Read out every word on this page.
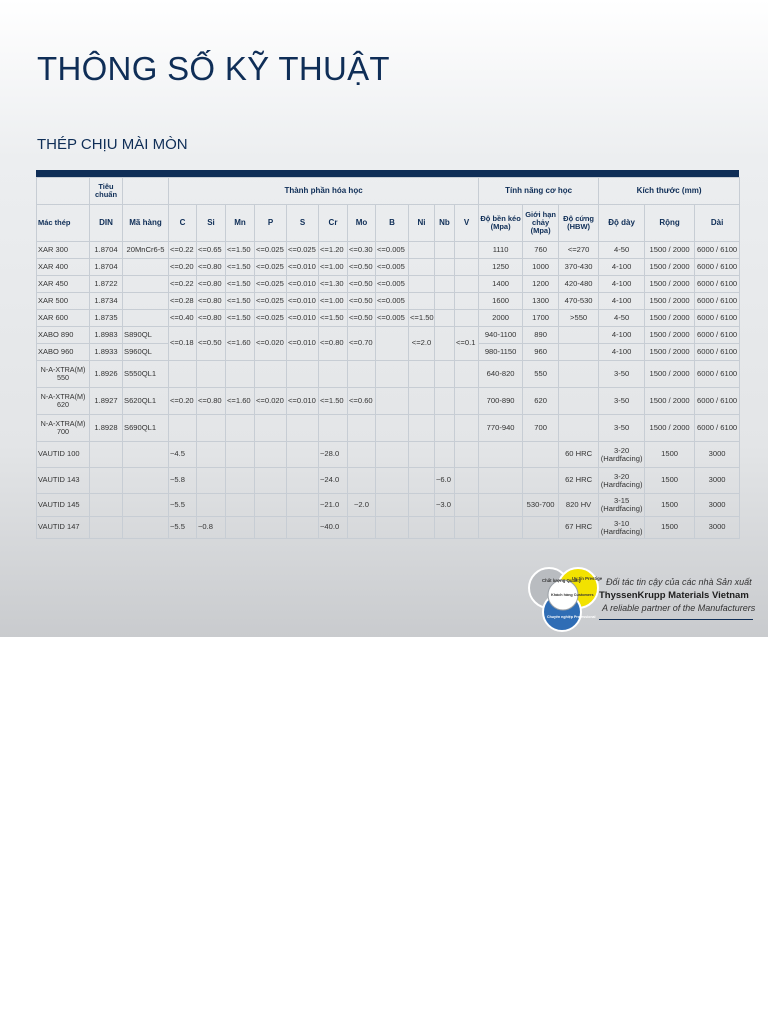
THÔNG SỐ KỸ THUẬT
THÉP CHỊU MÀI MÒN
	Tiêu chuẩn		Thành phần hóa học											Tính năng cơ học			Kích thước (mm)		
Mác thép	DIN	Mã hàng	C	Si	Mn	P	S	Cr	Mo	B	Ni	Nb	V	Độ bền kéo (Mpa)	Giới hạn chảy (Mpa)	Độ cứng (HBW)	Độ dày	Rộng	Dài
XAR 300	1.8704	20MnCr6-5	<=0.22	<=0.65	<=1.50	<=0.025	<=0.025	<=1.20	<=0.30	<=0.005				1110	760	<=270	4-50	1500 / 2000	6000 / 6100
XAR 400	1.8704		<=0.20	<=0.80	<=1.50	<=0.025	<=0.010	<=1.00	<=0.50	<=0.005				1250	1000	370-430	4-100	1500 / 2000	6000 / 6100
XAR 450	1.8722		<=0.22	<=0.80	<=1.50	<=0.025	<=0.010	<=1.30	<=0.50	<=0.005				1400	1200	420-480	4-100	1500 / 2000	6000 / 6100
XAR 500	1.8734		<=0.28	<=0.80	<=1.50	<=0.025	<=0.010	<=1.00	<=0.50	<=0.005				1600	1300	470-530	4-100	1500 / 2000	6000 / 6100
XAR 600	1.8735		<=0.40	<=0.80	<=1.50	<=0.025	<=0.010	<=1.50	<=0.50	<=0.005	<=1.50			2000	1700	>550	4-50	1500 / 2000	6000 / 6100
XABO 890	1.8983	S890QL	<=0.18	<=0.50	<=1.60	<=0.020	<=0.010	<=0.80	<=0.70		<=2.0		<=0.1	940-1100	890		4-100	1500 / 2000	6000 / 6100
XABO 960	1.8933	S960QL												980-1150	960		4-100	1500 / 2000	6000 / 6100
N-A-XTRA(M) 550	1.8926	S550QL1												640-820	550		3-50	1500 / 2000	6000 / 6100
N-A-XTRA(M) 620	1.8927	S620QL1	<=0.20	<=0.80	<=1.60	<=0.020	<=0.010	<=1.50	<=0.60					700-890	620		3-50	1500 / 2000	6000 / 6100
N-A-XTRA(M) 700	1.8928	S690QL1												770-940	700		3-50	1500 / 2000	6000 / 6100
VAUTID 100			~4.5					~28.0								60 HRC	3-20 (Hardfacing)	1500	3000
VAUTID 143			~5.8					~24.0				~6.0				62 HRC	3-20 (Hardfacing)	1500	3000
VAUTID 145			~5.5					~21.0	~2.0			~3.0			530-700	820 HV	3-15 (Hardfacing)	1500	3000
VAUTID 147			~5.5	~0.8				~40.0								67 HRC	3-10 (Hardfacing)	1500	3000
Chất lượng Quality
Uy tín Prestige
Khách hàng Customers
Chuyên nghiệp Professional

Đối tác tin cậy của các nhà Sản xuất

ThyssenKrupp Materials Vietnam

A reliable partner of the Manufacturers
